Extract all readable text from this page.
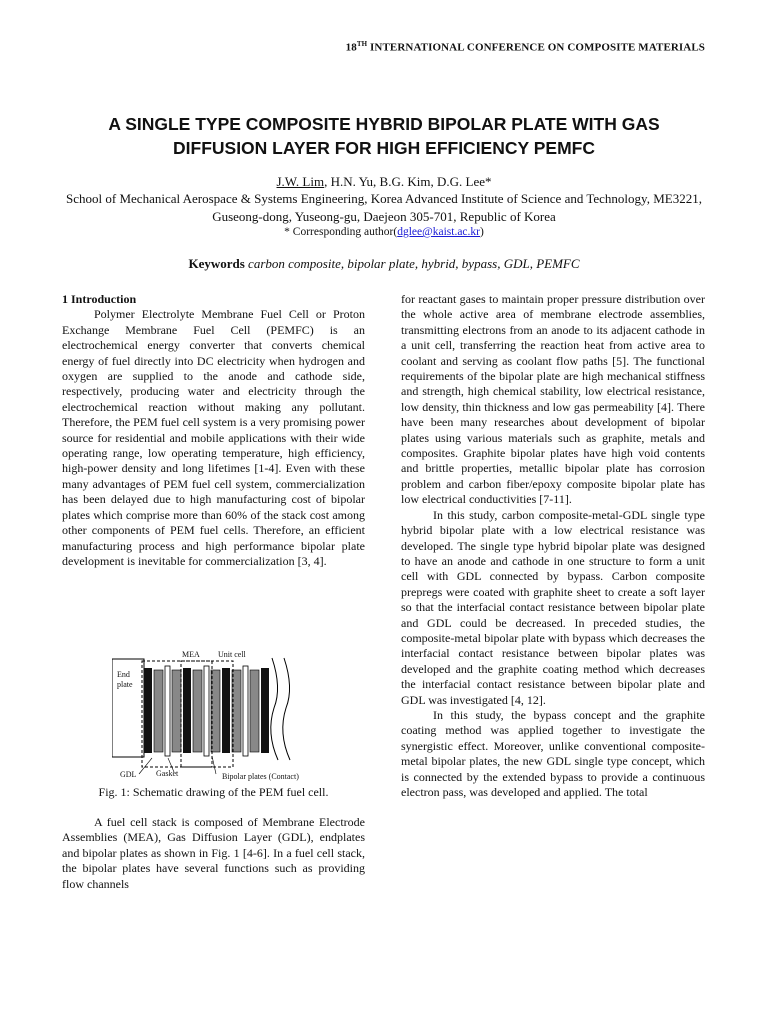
18TH INTERNATIONAL CONFERENCE ON COMPOSITE MATERIALS
A SINGLE TYPE COMPOSITE HYBRID BIPOLAR PLATE WITH GAS DIFFUSION LAYER FOR HIGH EFFICIENCY PEMFC
J.W. Lim, H.N. Yu, B.G. Kim, D.G. Lee*
School of Mechanical Aerospace & Systems Engineering, Korea Advanced Institute of Science and Technology, ME3221, Guseong-dong, Yuseong-gu, Daejeon 305-701, Republic of Korea
* Corresponding author(dglee@kaist.ac.kr)
Keywords carbon composite, bipolar plate, hybrid, bypass, GDL, PEMFC

1 Introduction

Polymer Electrolyte Membrane Fuel Cell or Proton Exchange Membrane Fuel Cell (PEMFC) is an electrochemical energy converter that converts chemical energy of fuel directly into DC electricity when hydrogen and oxygen are supplied to the anode and cathode side, respectively, producing water and electricity through the electrochemical reaction without making any pollutant. Therefore, the PEM fuel cell system is a very promising power source for residential and mobile applications with their wide operating range, low operating temperature, high efficiency, high-power density and long lifetimes [1-4]. Even with these many advantages of PEM fuel cell system, commercialization has been delayed due to high manufacturing cost of bipolar plates which comprise more than 60% of the stack cost among other components of PEM fuel cells. Therefore, an efficient manufacturing process and high performance bipolar plate development is inevitable for commercialization [3, 4].

MEA Unit cell
End
plate
GDL Gasket	Bipolar plates (Contact)
Fig. 1: Schematic drawing of the PEM fuel cell.

A fuel cell stack is composed of Membrane Electrode Assemblies (MEA), Gas Diffusion Layer (GDL), endplates and bipolar plates as shown in Fig. 1 [4-6]. In a fuel cell stack, the bipolar plates have several functions such as providing flow channels

for reactant gases to maintain proper pressure distribution over the whole active area of membrane electrode assemblies, transmitting electrons from an anode to its adjacent cathode in a unit cell, transferring the reaction heat from active area to coolant and serving as coolant flow paths [5]. The functional requirements of the bipolar plate are high mechanical stiffness and strength, high chemical stability, low electrical resistance, low density, thin thickness and low gas permeability [4]. There have been many researches about development of bipolar plates using various materials such as graphite, metals and composites. Graphite bipolar plates have high void contents and brittle properties, metallic bipolar plate has corrosion problem and carbon fiber/epoxy composite bipolar plate has low electrical conductivities [7-11].

In this study, carbon composite-metal-GDL single type hybrid bipolar plate with a low electrical resistance was developed. The single type hybrid bipolar plate was designed to have an anode and cathode in one structure to form a unit cell with GDL connected by bypass. Carbon composite prepregs were coated with graphite sheet to create a soft layer so that the interfacial contact resistance between bipolar plate and GDL could be decreased. In preceded studies, the composite-metal bipolar plate with bypass which decreases the interfacial contact resistance between bipolar plates was developed and the graphite coating method which decreases the interfacial contact resistance between bipolar plate and GDL was investigated [4, 12].

In this study, the bypass concept and the graphite coating method was applied together to investigate the synergistic effect. Moreover, unlike conventional composite-metal bipolar plates, the new GDL single type concept, which is connected by the extended bypass to provide a continuous electron pass, was developed and applied. The total
